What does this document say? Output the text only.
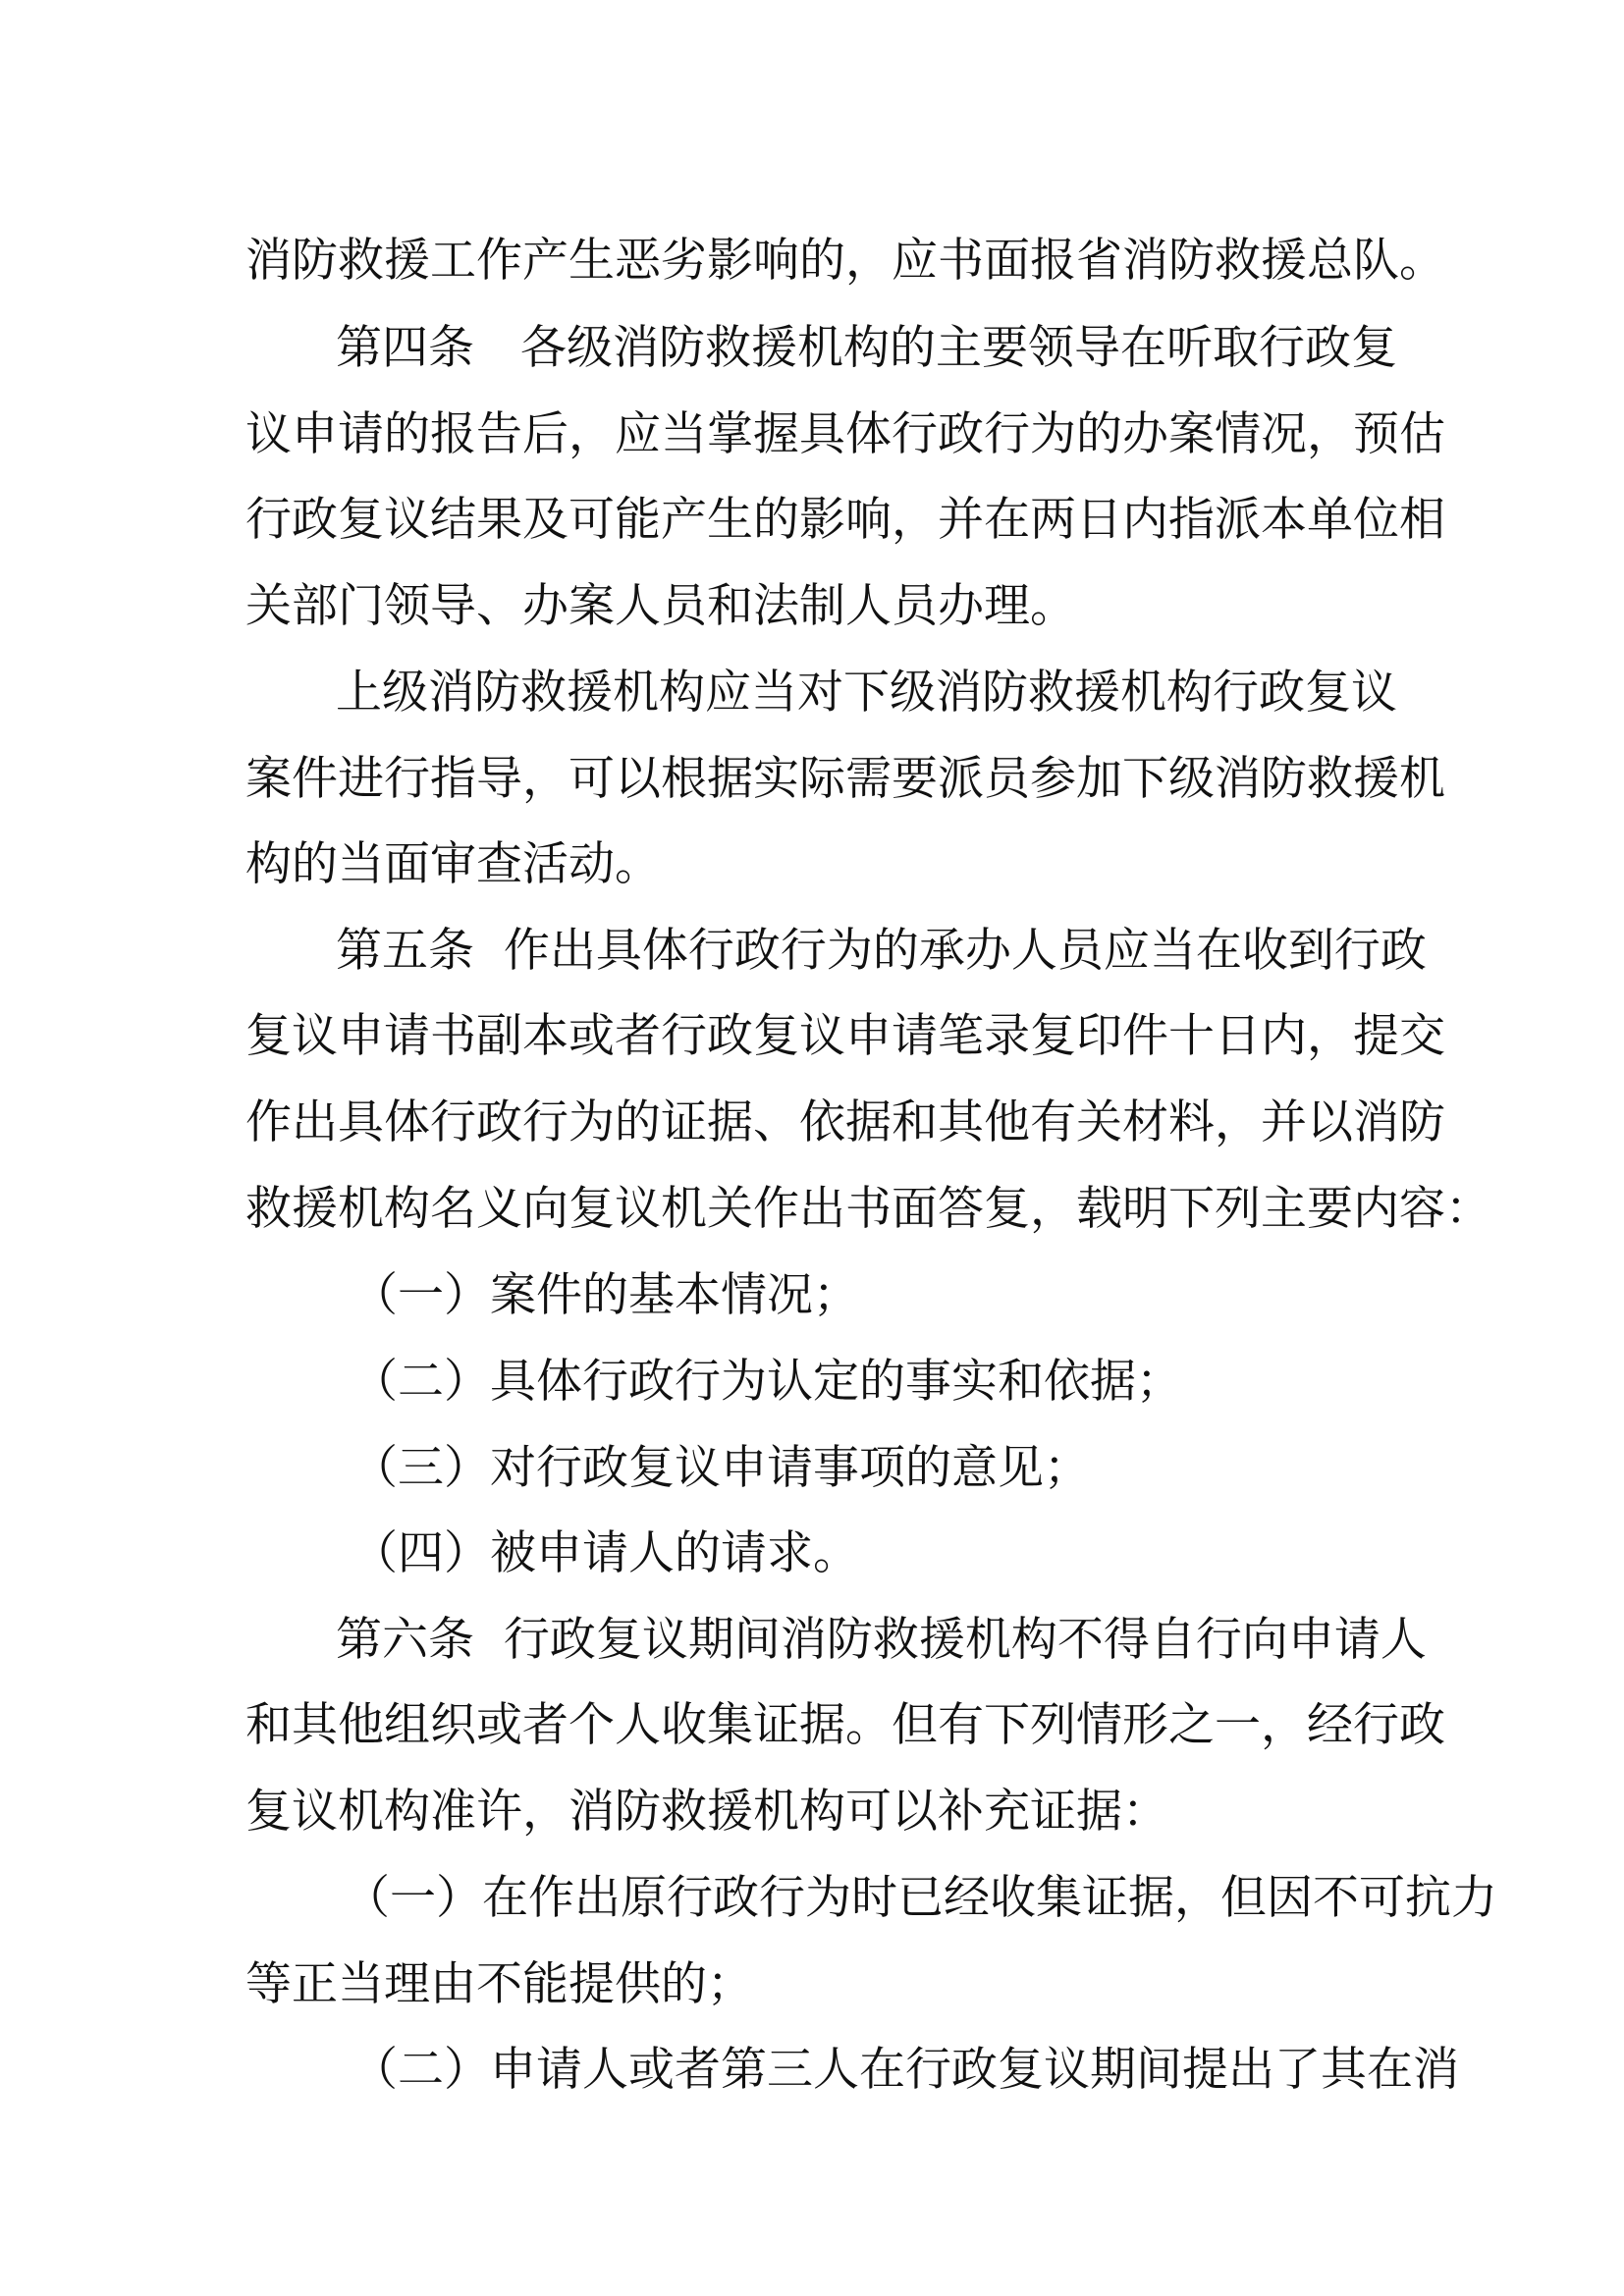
消防救援工作产生恶劣影响的，应书面报省消防救援总队。
第四条　各级消防救援机构的主要领导在听取行政复
议申请的报告后，应当掌握具体行政行为的办案情况，预估
行政复议结果及可能产生的影响，并在两日内指派本单位相
关部门领导、办案人员和法制人员办理。
上级消防救援机构应当对下级消防救援机构行政复议
案件进行指导，可以根据实际需要派员参加下级消防救援机
构的当面审查活动。
第五条  作出具体行政行为的承办人员应当在收到行政
复议申请书副本或者行政复议申请笔录复印件十日内，提交
作出具体行政行为的证据、依据和其他有关材料，并以消防
救援机构名义向复议机关作出书面答复，载明下列主要内容：
（一）案件的基本情况；
（二）具体行政行为认定的事实和依据；
（三）对行政复议申请事项的意见；
（四）被申请人的请求。
第六条  行政复议期间消防救援机构不得自行向申请人
和其他组织或者个人收集证据。但有下列情形之一，经行政
复议机构准许，消防救援机构可以补充证据：
（一）在作出原行政行为时已经收集证据，但因不可抗力
等正当理由不能提供的；
（二）申请人或者第三人在行政复议期间提出了其在消
